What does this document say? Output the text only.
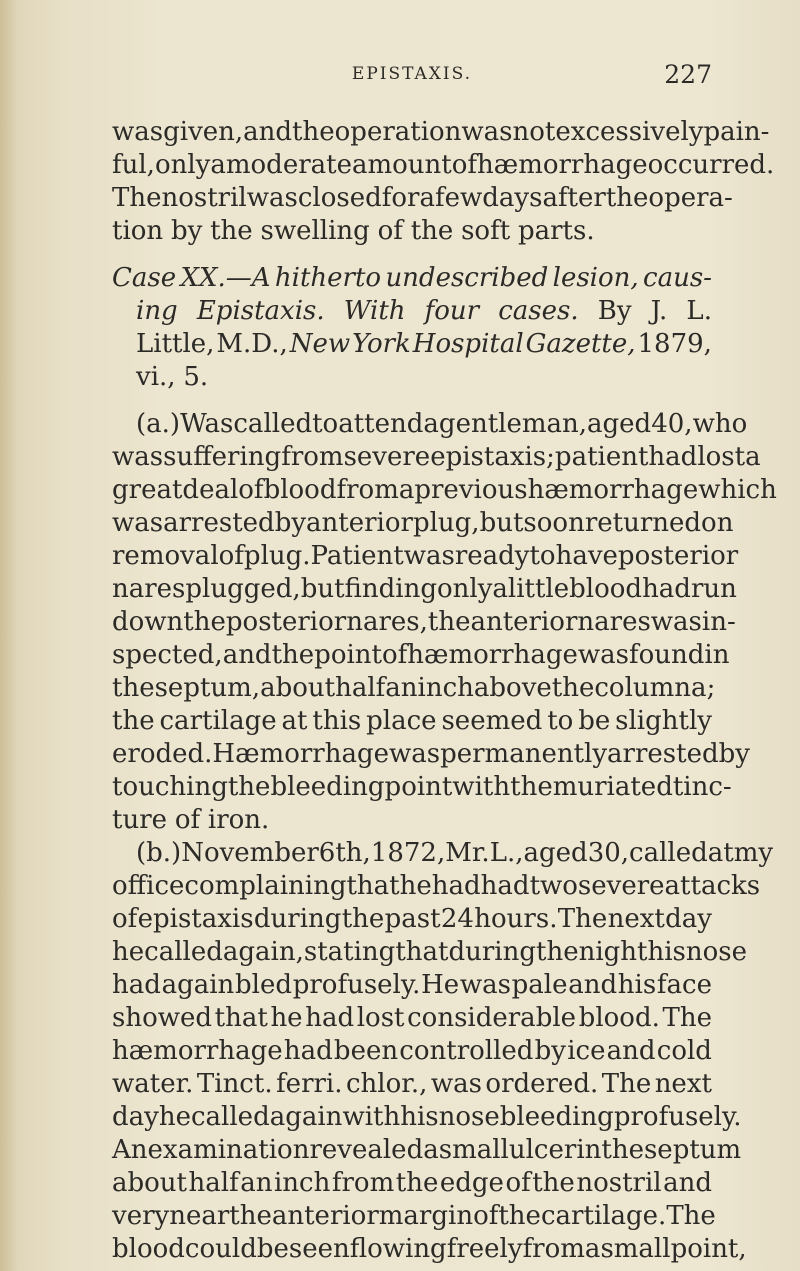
EPISTAXIS.	227
was given, and the operation was not excessively pain-
ful, only a moderate amount of hæmorrhage occurred.
The nostril was closed for a few days after the opera-
tion by the swelling of the soft parts.
Case XX.—A hitherto undescribed lesion, caus-
ing Epistaxis. With four cases. By J. L.
Little, M.D., New York Hospital Gazette, 1879,
vi., 5.
(a.) Was called to attend a gentleman, aged 40, who
was suffering from severe epistaxis ; patient had lost a
great deal of blood from a previous hæmorrhage which
was arrested by anterior plug, but soon returned on
removal of plug. Patient was ready to have posterior
nares plugged, but finding only a little blood had run
down the posterior nares, the anterior nares was in-
spected, and the point of hæmorrhage was found in
the septum, about half an inch above the columna ;
the cartilage at this place seemed to be slightly
eroded. Hæmorrhage was permanently arrested by
touching the bleeding point with the muriated tinc-
ture of iron.
(b.) November 6th, 1872, Mr. L., aged 30, called at my
office complaining that he had had two severe attacks
of epistaxis during the past 24 hours. The next day
he called again, stating that during the night his nose
had again bled profusely. He was pale and his face
showed that he had lost considerable blood. The
hæmorrhage had been controlled by ice and cold
water. Tinct. ferri. chlor., was ordered. The next
day he called again with his nose bleeding profusely.
An examination revealed a small ulcer in the septum
about half an inch from the edge of the nostril and
very near the anterior margin of the cartilage. The
blood could be seen flowing freely from a small point,
